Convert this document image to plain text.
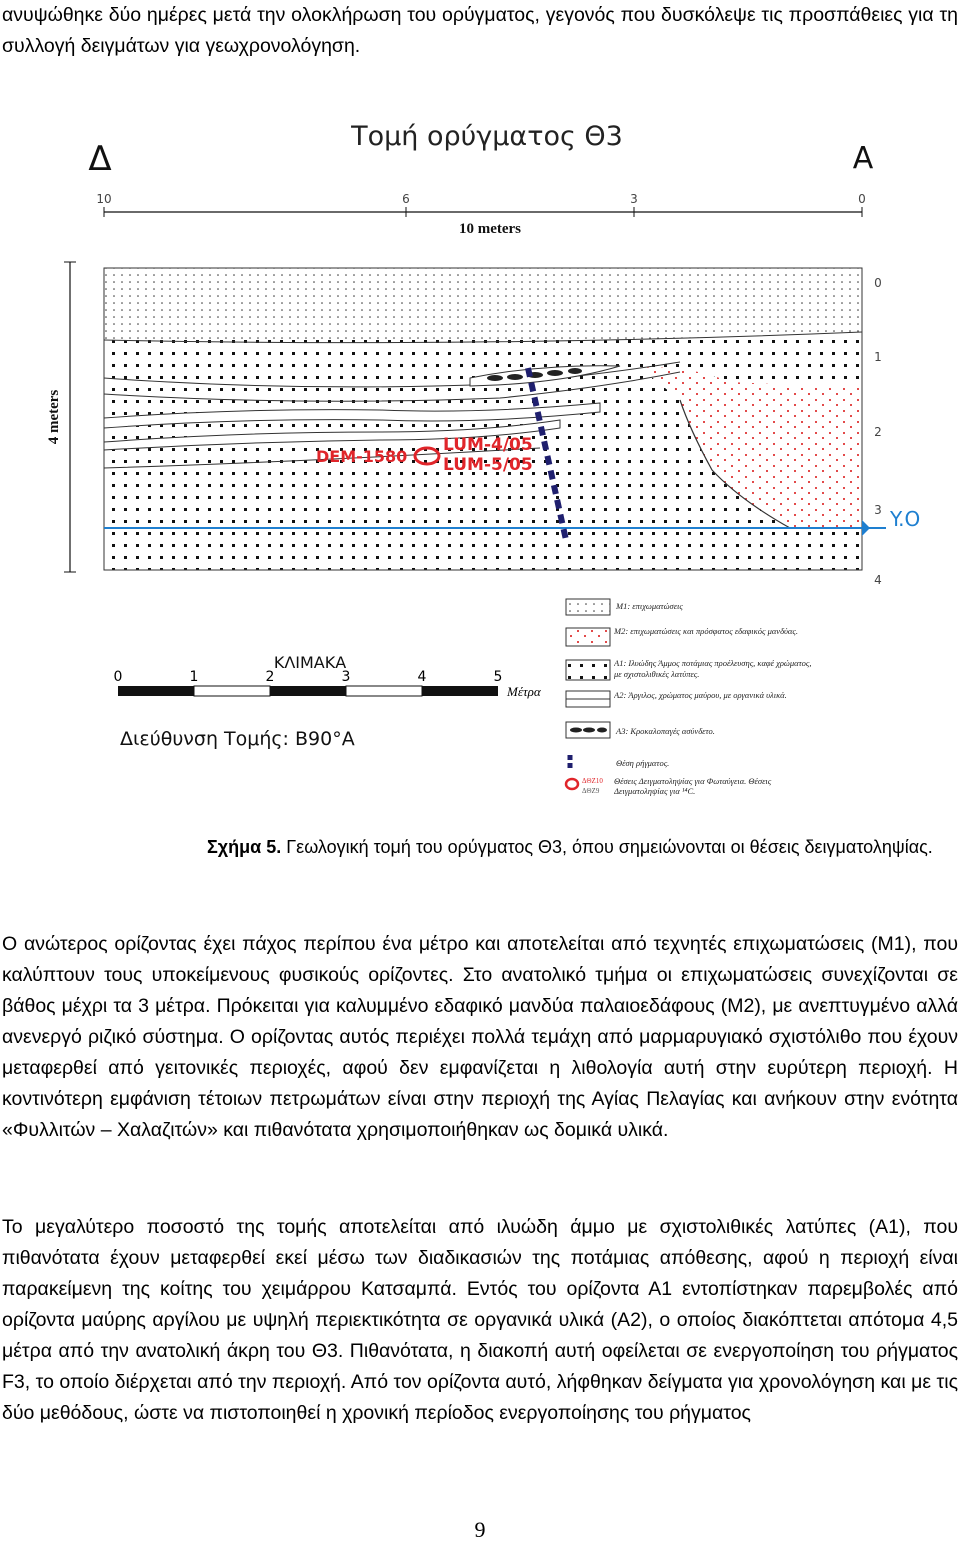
ανυψώθηκε δύο ημέρες μετά την ολοκλήρωση του ορύγματος, γεγονός που δυσκόλεψε τις προσπάθειες για τη συλλογή δειγμάτων για γεωχρονολόγηση.

Τομή ορύγματος Θ3
Δ	Α
10	6	3	0
10 meters
4 meters
0
1
2
3
4
Y.O
DEM-1580
LUM-4/05
LUM-5/05
ΚΛΙΜΑΚΑ
0	1	2	3	4	5
Μέτρα
Διεύθυνση Τομής: Β90°Α
M1: επιχωματώσεις
M2: επιχωματώσεις και πρόσφατος εδαφικός μανδύας.
A1: Ιλυώδης Άμμος ποτάμιας προέλευσης, καφέ χρώματος, με σχιστολιθικές λατύπες.
A2: Άργιλος, χρώματος μαύρου, με οργανικά υλικά.
A3: Κροκαλοπαγές ασύνδετο.
Θέση ρήγματος.
ΔΘΖ10
ΔΘΖ9
Θέσεις Δειγματοληψίας για Φωταύγεια. Θέσεις Δειγματοληψίας για ¹⁴C.
Σχήμα 5. Γεωλογική τομή του ορύγματος Θ3, όπου σημειώνονται οι θέσεις δειγματοληψίας.

Ο ανώτερος ορίζοντας έχει πάχος περίπου ένα μέτρο και αποτελείται από τεχνητές επιχωματώσεις (Μ1), που καλύπτουν τους υποκείμενους φυσικούς ορίζοντες. Στο ανατολικό τμήμα οι επιχωματώσεις συνεχίζονται σε βάθος μέχρι τα 3 μέτρα. Πρόκειται για καλυμμένο εδαφικό μανδύα παλαιοεδάφους (Μ2), με ανεπτυγμένο αλλά ανενεργό ριζικό σύστημα. Ο ορίζοντας αυτός περιέχει πολλά τεμάχη από μαρμαρυγιακό σχιστόλιθο που έχουν μεταφερθεί από γειτονικές περιοχές, αφού δεν εμφανίζεται η λιθολογία αυτή στην ευρύτερη περιοχή. Η κοντινότερη εμφάνιση τέτοιων πετρωμάτων είναι στην περιοχή της Αγίας Πελαγίας και ανήκουν στην ενότητα «Φυλλιτών – Χαλαζιτών» και πιθανότατα χρησιμοποιήθηκαν ως δομικά υλικά.

Το μεγαλύτερο ποσοστό της τομής αποτελείται από ιλυώδη άμμο με σχιστολιθικές λατύπες (Α1), που πιθανότατα έχουν μεταφερθεί εκεί μέσω των διαδικασιών της ποτάμιας απόθεσης, αφού η περιοχή είναι παρακείμενη της κοίτης του χειμάρρου Κατσαμπά. Εντός του ορίζοντα Α1 εντοπίστηκαν παρεμβολές από ορίζοντα μαύρης αργίλου με υψηλή περιεκτικότητα σε οργανικά υλικά (Α2), ο οποίος διακόπτεται απότομα 4,5 μέτρα από την ανατολική άκρη του Θ3. Πιθανότατα, η διακοπή αυτή οφείλεται σε ενεργοποίηση του ρήγματος F3, το οποίο διέρχεται από την περιοχή. Από τον ορίζοντα αυτό, λήφθηκαν δείγματα για χρονολόγηση και με τις δύο μεθόδους, ώστε να πιστοποιηθεί η χρονική περίοδος ενεργοποίησης του ρήγματος

9
